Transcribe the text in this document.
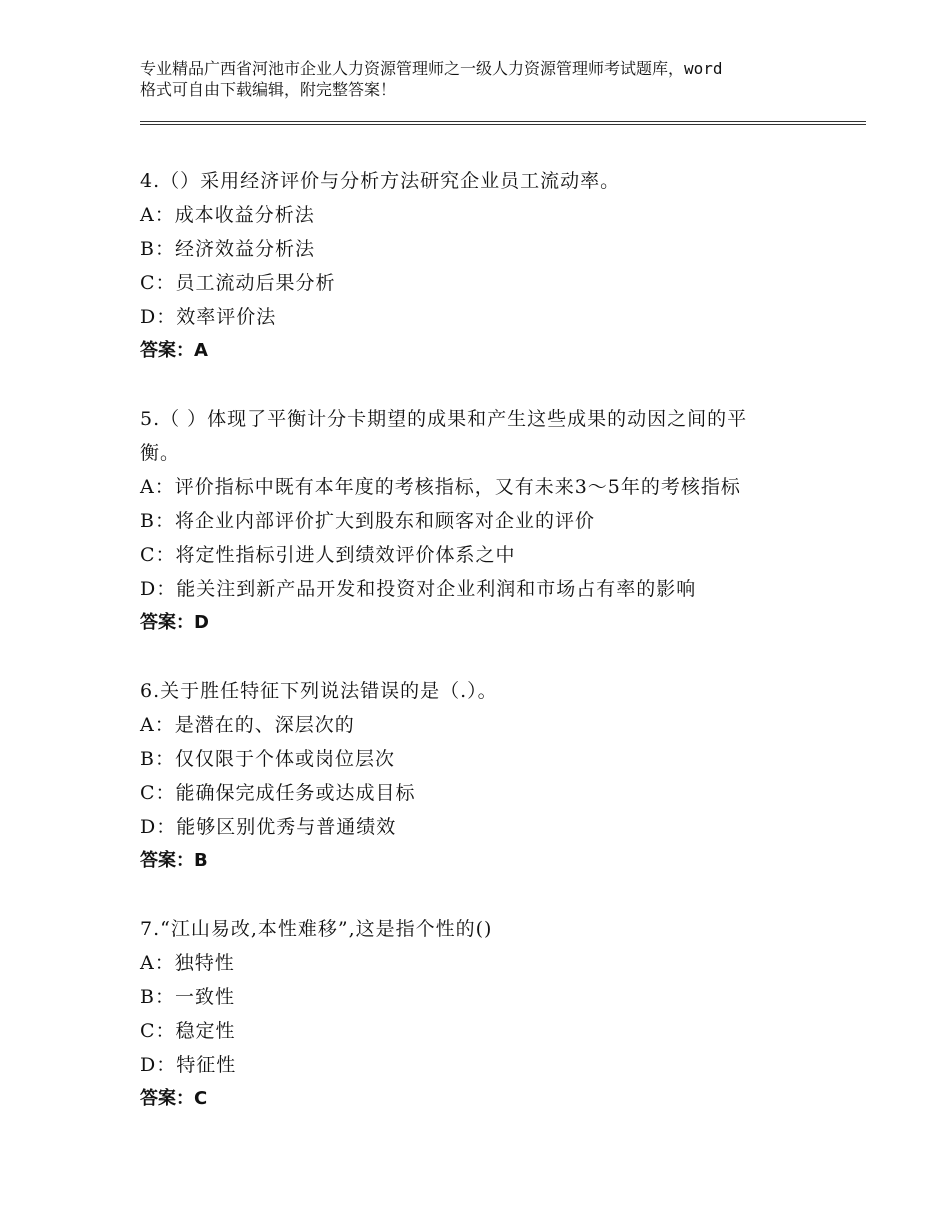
专业精品广西省河池市企业人力资源管理师之一级人力资源管理师考试题库，word
格式可自由下载编辑，附完整答案！

4.（）采用经济评价与分析方法研究企业员工流动率。

A：成本收益分析法

B：经济效益分析法

C：员工流动后果分析

D：效率评价法

答案：A

5.（ ）体现了平衡计分卡期望的成果和产生这些成果的动因之间的平

衡。

A：评价指标中既有本年度的考核指标，又有未来3～5年的考核指标

B：将企业内部评价扩大到股东和顾客对企业的评价

C：将定性指标引进人到绩效评价体系之中

D：能关注到新产品开发和投资对企业利润和市场占有率的影响

答案：D

6.关于胜任特征下列说法错误的是（.）。

A：是潜在的、深层次的

B：仅仅限于个体或岗位层次

C：能确保完成任务或达成目标

D：能够区别优秀与普通绩效

答案：B

7.“江山易改,本性难移”,这是指个性的()

A：独特性

B：一致性

C：稳定性

D：特征性

答案：C
